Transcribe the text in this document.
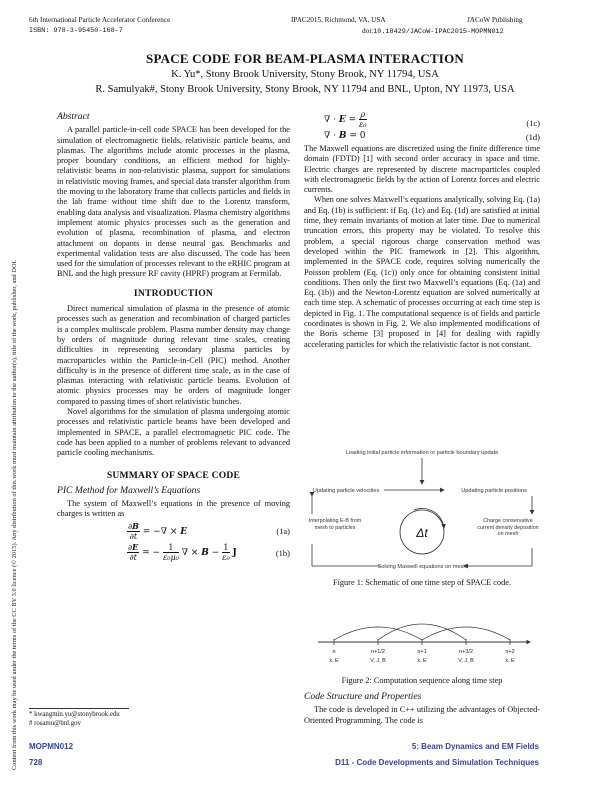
6th International Particle Accelerator Conference	IPAC2015, Richmond, VA, USA	JACoW Publishing
ISBN: 978-3-95450-168-7	doi:10.18429/JACoW-IPAC2015-MOPMN012
Content from this work may be used under the terms of the CC BY 3.0 licence (© 2015). Any distribution of this work must maintain attribution to the author(s), title of the work, publisher, and DOI.
SPACE CODE FOR BEAM-PLASMA INTERACTION
K. Yu*, Stony Brook University, Stony Brook, NY 11794, USA
R. Samulyak#, Stony Brook University, Stony Brook, NY 11794 and BNL, Upton, NY 11973, USA
Abstract

A parallel particle-in-cell code SPACE has been developed for the simulation of electromagnetic fields, relativistic particle beams, and plasmas. The algorithms include atomic processes in the plasma, proper boundary conditions, an efficient method for highly-relativistic beams in non-relativistic plasma, support for simulations in relativistic moving frames, and special data transfer algorithm from the moving to the laboratory frame that collects particles and fields in the lab frame without time shift due to the Lorentz transform, enabling data analysis and visualization. Plasma chemistry algorithms implement atomic physics processes such as the generation and evolution of plasma, recombination of plasma, and electron attachment on dopants in dense neutral gas. Benchmarks and experimental validation tests are also discussed. The code has been used for the simulation of processes relevant to the eRHIC program at BNL and the high pressure RF cavity (HPRF) program at Fermilab.

INTRODUCTION

Direct numerical simulation of plasma in the presence of atomic processes such as generation and recombination of charged particles is a complex multiscale problem. Plasma number density may change by orders of magnitude during relevant time scales, creating difficulties in representing secondary plasma particles by macroparticles within the Particle-in-Cell (PIC) method. Another difficulty is in the presence of different time scale, as in the case of plasmas interacting with relativistic particle beams. Evolution of atomic physics processes may be orders of magnitude longer compared to passing times of short relativistic bunches.

Novel algorithms for the simulation of plasma undergoing atomic processes and relativistic particle beams have been developed and implemented in SPACE, a parallel electromagnetic PIC code. The code has been applied to a number of problems relevant to advanced particle cooling mechanisms.

SUMMARY OF SPACE CODE
PIC Method for Maxwell’s Equations

The system of Maxwell’s equations in the presence of moving charges is written as

$\frac{\partial B}{\partial t}$ = −∇ × E	(1a)
$\frac{\partial E}{\partial t}$ = − $\frac{1}{\text{ε₀μ₀}}$ ∇ × $B - \frac{1}{\text{ε₀}}$ J	(1b)
* kwangmin.yu@stonybrook.edu
# rosamu@bnl.gov
∇ · $E = \frac{\rho}{\text{ε₀}}$	(1c)
∇ · B = 0	(1d)

The Maxwell equations are discretized using the finite difference time domain (FDTD) [1] with second order accuracy in space and time. Electric charges are represented by discrete macroparticles coupled with electromagnetic fields by the action of Lorentz forces and electric currents.

When one solves Maxwell’s equations analytically, solving Eq. (1a) and Eq. (1b) is sufficient: if Eq. (1c) and Eq. (1d) are satisfied at initial time, they remain invariants of motion at later time. Due to numerical truncation errors, this property may be violated. To resolve this problem, a special rigorous charge conservation method was developed within the PIC framework in [2]. This algorithm, implemented in the SPACE code, requires solving numerically the Poisson problem (Eq. (1c)) only once for obtaining consistent initial conditions. Then only the first two Maxwell’s equations (Eq. (1a) and Eq. (1b)) and the Newton-Lorentz equation are solved numerically at each time step. A schematic of processes occurring at each time step is depicted in Fig. 1. The computational sequence is of fields and particle coordinates is shown in Fig. 2. We also implemented modifications of the Boris scheme [3] proposed in [4] for dealing with rapidly accelerating particles for which the relativistic factor is not constant.

Loading initial particle information or particle boundary update
Updating particle velocities	Updating particle positions
Interpolating E-B from mesh to particles
Charge conservative current density deposition on mesh
Δt
Solving Maxwell equations on mesh
Figure 1: Schematic of one time step of SPACE code.
n
x, E
n+1/2
V, J, B
n+1
x, E
n+3/2
V, J, B
n+2
x, E
Figure 2: Computation sequence along time step
Code Structure and Properties

The code is developed in C++ utilizing the advantages of Objected-Oriented Programming. The code is

MOPMN012
728
5: Beam Dynamics and EM Fields
D11 - Code Developments and Simulation Techniques
